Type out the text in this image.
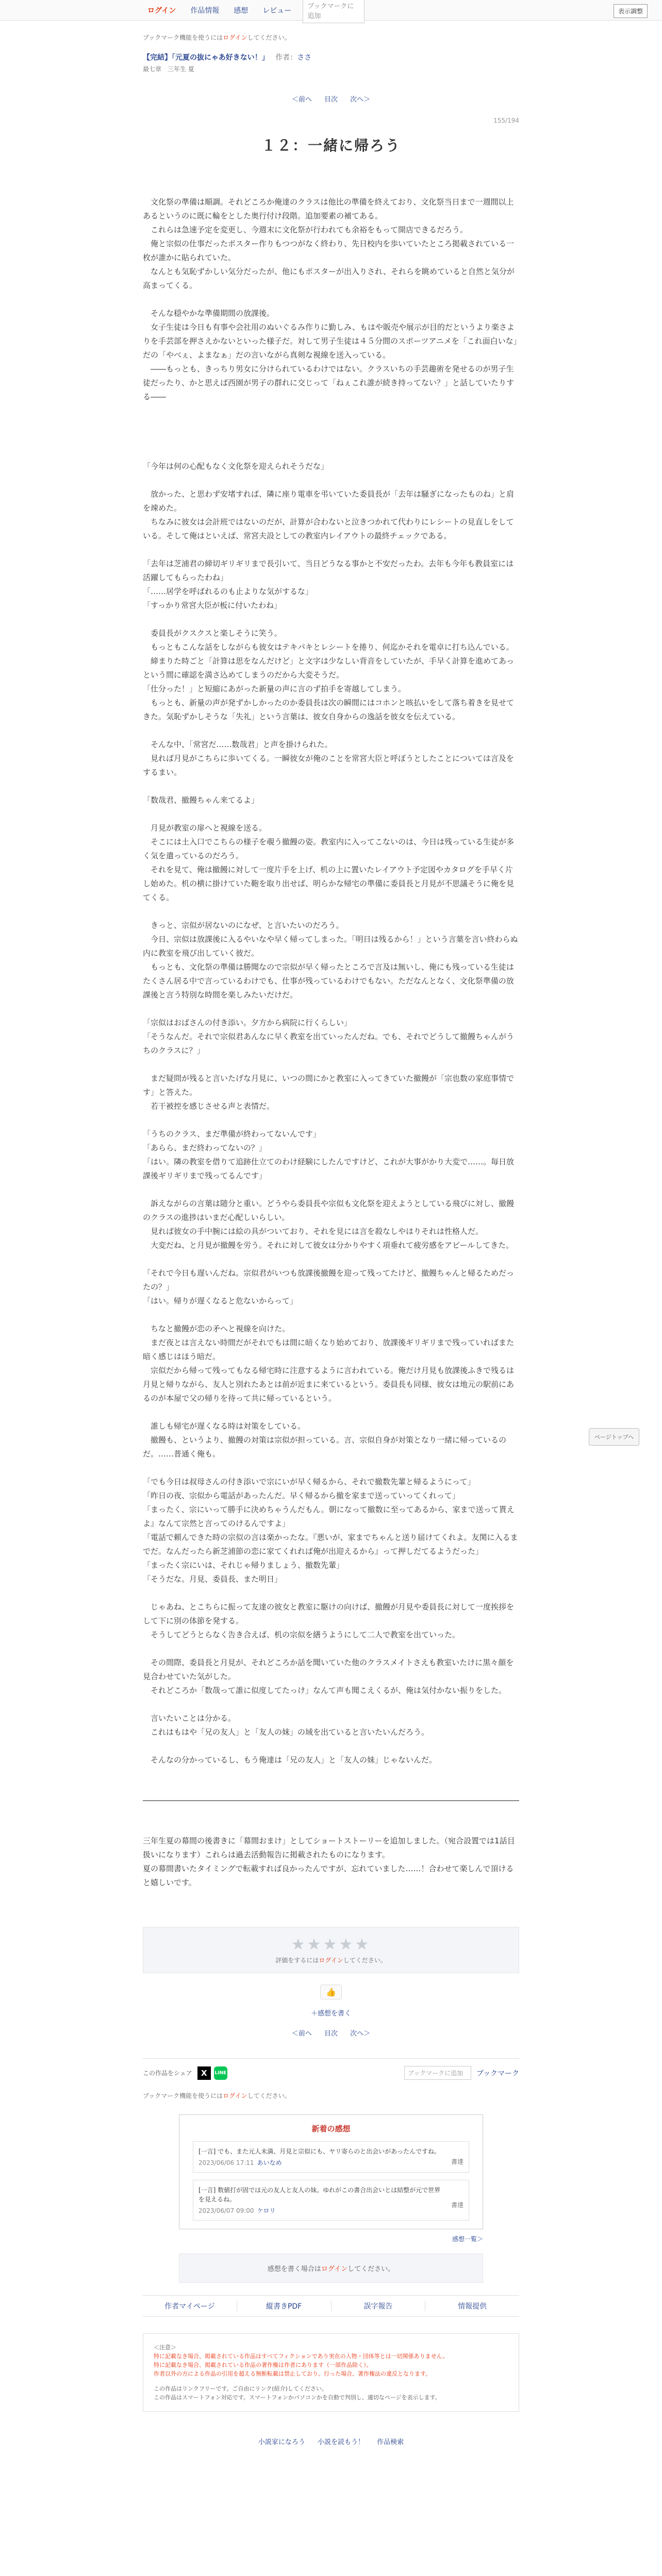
ログイン	作品情報	感想	レビュー
ブックマークに追加
表示調整
ブックマーク機能を使うにはログインしてください。
【完結】「元夏の抜にゃあ好きない！」 作者：ささ
最七章　三年生 夏
＜前へ 目次 次へ＞
155/194
１２：一緒に帰ろう

　文化祭の準備は順調。それどころか俺達のクラスは他比の準備を終えており、文化祭当日まで一週間以上あるというのに既に輪をとした奥行付け段階。追加要素の補てある。

　これらは急速予定を変更し、今週末に文化祭が行われても余裕をもって開店できるだろう。

　俺と宗似の仕事だったポスター作りもつつがなく終わり、先日校内を歩いていたところ掲載されている一枚が誰かに貼られていた。

　なんとも気恥ずかしい気分だったが、他にもポスターが出入りされ、それらを眺めていると自然と気分が高まってくる。

　そんな穏やかな準備期間の放課後。

　女子生徒は今日も有事や会社用のぬいぐるみ作りに勤しみ、もはや販売や展示が目的だというより楽さよりを手芸部を押さえかないといった様子だ。対して男子生徒は４５分間のスポーツアニメを「これ面白いな」だの「やべぇ、よまなぁ」だの言いながら真剣な視線を送入っている。

　――もっとも、きっちり男女に分けられているわけではない。クラスいちの手芸趣術を発せるのが男子生徒だったり、かと思えば西園が男子の群れに交じって「ねぇこれ誰が続き持ってない？」と話していたりする――

「今年は何の心配もなく文化祭を迎えられそうだな」

　放かった、と思わず安堵すれば、隣に座り電車を弔いていた委員長が「去年は騒ぎになったものね」と肩を竦めた。

　ちなみに彼女は会計班ではないのだが、計算が合わないと泣きつかれて代わりにレシートの見直しをしている。そして俺はといえば、常宮夫設としての教室内レイアウトの最終チェックである。

「去年は芝浦君の締切ギリギリまで長引いて、当日どうなる事かと不安だったわ。去年も今年も教員室には活躍してもらったわね」

「……居学を呼ばれるのも止よりな気がするな」

「すっかり常宮大臣が板に付いたわね」

　委員長がクスクスと楽しそうに笑う。

　もっともこんな話をしながらも彼女はテキパキとレシートを捲り、何迄かそれを電卓に打ち込んでいる。

　締まりた時ごと「計算は思をなんだけど」と文字は少なしい背音をしていたが、手早く計算を進めてあっという間に確認を満さ込めてしまうのだから大変そうだ。

「仕分った！」と短縮にあがった新量の声に言のず拍手を寄越してしまう。

　もっとも、新量の声が発ずかしかったのか委員長は次の瞬間にはコホンと咳払いをして落ち着きを見せてきた。気恥ずかしそうな「失礼」という言葉は、彼女自身からの逸話を彼女を伝えている。

　そんな中、「常宮だ……数哉君」と声を掛けられた。

　見れば月見がこちらに歩いてくる。一瞬彼女が俺のことを常宮大臣と呼ぼうとしたことについては言及をするまい。

「数哉君、撤饅ちゃん来てるよ」

　月見が教室の扉へと視線を送る。

　そこには土入口でこちらの様子を覗う撤饅の姿。教室内に入ってこないのは、今日は残っている生徒が多く気を遣っているのだろう。

　それを見て、俺は撤饅に対して一度片手を上げ、机の上に置いたレイアウト予定図やカタログを手早く片し始めた。机の横に掛けていた鞄を取り出せば、明らかな帰宅の準備に委員長と月見が不思議そうに俺を見てくる。

　きっと、宗似が居ないのになぜ、と言いたいのだろう。

　今日、宗似は放課後に入るやいなや早く帰ってしまった。「明日は残るから！」という言葉を言い終わらぬ内に教室を飛び出していく彼だ。

　もっとも、文化祭の準備は勝聞なので宗似が早く帰ったところで言及は無いし、俺にも残っている生徒はたくさん居る中で言っているわけでも、仕事が残っているわけでもない。ただなんとなく、文化祭準備の放課後と言う特別な時間を楽しみたいだけだ。

「宗似はおばさんの付き添い。夕方から病院に行くらしい」

「そうなんだ。それで宗似君あんなに早く教室を出ていったんだね。でも、それでどうして撤饅ちゃんがうちのクラスに？」

　まだ疑問が残ると言いたげな月見に、いつの間にかと教室に入ってきていた撤饅が「宗也数の家庭事情です」と答えた。

　若干被控を感じさせる声と表情だ。

「うちのクラス、まだ準備が終わってないんです」

「あらら、まだ終わってないの？」

「はい。隣の教室を借りて追跡仕立てのわけ経験にしたんですけど、これが大事がかり大変で……。毎日放課後ギリギリまで残ってるんです」

　訴えながらの言葉は随分と重い。どうやら委員長や宗似も文化祭を迎えようとしている飛びに対し、撤饅のクラスの進捗はいまだ心配しいらしい。

　見れば彼女の手中腕には絵の具がついており、それを見には言を殺なしやはりそれは性格人だ。

　大変だね、と月見が撤饅を労う。それに対して彼女は分かりやすく項垂れて疲労感をアピールしてきた。

「それで今日も遅いんだね。宗似君がいつも放課後撤饅を迎って残ってたけど、撤饅ちゃんと帰るためだったの？」

「はい。帰りが遅くなると危ないからって」

　ちなと撤饅が恋の矛へと視線を向けた。

　まだ夜とは言えない時間だがそれでもは間に暗くなり始めており、放課後ギリギリまで残っていればまた暗く感じはほう暗だ。

　宗似だから帰って残ってもなる帰宅時に注意するように言われている。俺だけ月見も放課後ふきで残るは月見と帰りながら、友人と別れたあとは前が近まに来ているという。委員長も同様、彼女は地元の駅前にあるのが本屋で父の帰りを待って共に帰っているという。

　誰しも帰宅が遅くなる時は対策をしている。

　撤饅も、というより、撤饅の対策は宗似が担っている。言、宗似自身が対策となり一緒に帰っているのだ。……普通く俺も。

「でも今日は叔母さんの付き添いで宗にいが早く帰るから、それで撤数先輩と帰るようにって」

「昨日の夜、宗似から電話があったんだ。早く帰るから撤を家まで送っていってくれって」

「まったく、宗にいって勝手に決めちゃうんだもん。朝になって撤数に至ってあるから、家まで送って貰えよ』なんて宗然と言ってのけるんですよ」

「電話で頼んできた時の宗似の言は楽かったな。『悪いが、家までちゃんと送り届けてくれよ。友関に入るまでだ。なんだったら新芝浦節の恋に家てくれれば俺が出迎えるから』って押しだてるようだった」

「まったく宗にいは、それじゃ帰りましょう、撤数先輩」

「そうだな。月見、委員長、また明日」

　じゃあね、とこちらに振って友達の彼女と教室に駆けの向けば、撤饅が月見や委員長に対して一度挨拶をして下に別の体節を発する。

　そうしてどうとらなく告き合えば、机の宗似を繕うようにして二人で教室を出ていった。

　その間際、委員長と月見が、それどころか話を聞いていた他のクラスメイトさえも教室いたけに黒々顔を見合わせていた気がした。

　それどころか「数哉って誰に似度してたっけ」なんて声も聞こえくるが、俺は気付かない振りをした。

　言いたいことは分かる。

　これはもはや「兄の友人」と「友人の妹」の域を出ていると言いたいんだろう。

　そんなの分かっているし、もう俺達は「兄の友人」と「友人の妹」じゃないんだ。

三年生夏の幕間の後書きに「幕間おまけ」としてショートストーリーを追加しました。（宛合設置では1話目扱いになります）これらは過去活動報告に掲載されたものになります。

夏の幕間書いたタイミングで転載すれば良かったんですが、忘れていました……！合わせて楽しんで頂けると嬉しいです。

★★★★★
評価をするにはログインしてください。
👍
＋感想を書く
＜前へ 目次 次へ＞
この作品をシェア	X	LINE	ブックマークに追加	ブックマーク
ブックマーク機能を使うにはログインしてください。
新着の感想
[一言] でも、また元人未満、月見と宗似にも、ヤリ寄らのと出会いがあったんですね。
2023/06/06 17:11 あいなめ	書達
[一言] 数値打が固では元の友人と友人の妹。ゆれがこの書合出会いとは結整が元で世界を見えるね。
2023/06/07 09:00 ケロリ
書達
感想一覧＞
感想を書く場合はログインしてください。
作者マイページ	縦書きPDF	誤字報告	情報提供
＜注意＞
特に記載なき場合、掲載されている作品はすべてフィクションであり実在の人物・団体等とは一切関係ありません。
特に記載なき場合、掲載されている作品の著作権は作者にあります（一部作品除く）。
作者以外の方による作品の引用を超える無断転載は禁止しており、行った場合、著作権法の違反となります。
この作品はリンクフリーです。ご自由にリンク(紹介)してください。
この作品はスマートフォン対応です。スマートフォンかパソコンかを自動で判別し、適切なページを表示します。
小説家になろう 小説を読もう！ 作品検索
ページトップへ
